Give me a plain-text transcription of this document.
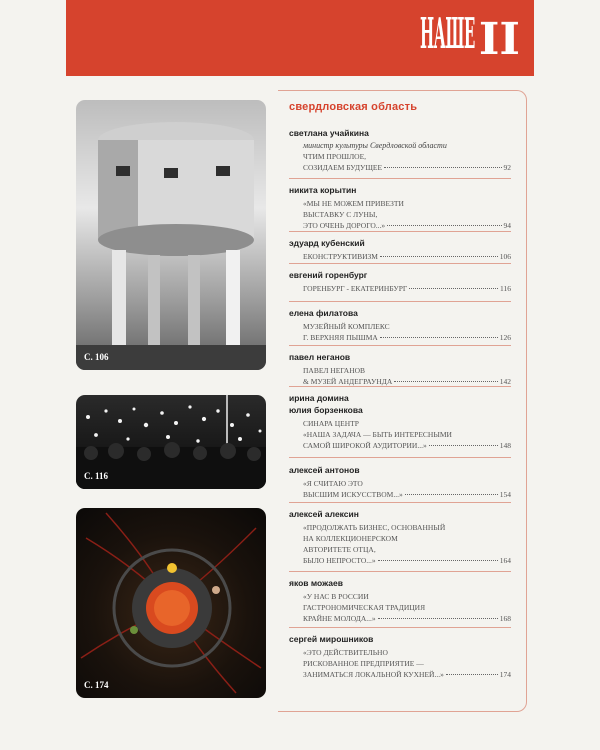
НАШЕ II
С. 106
С. 116
С. 174
свердловская область
светлана учайкина
министр культуры Свердловской области
ЧТИМ ПРОШЛОЕ,
СОЗИДАЕМ БУДУЩЕЕ	92
никита корытин
«МЫ НЕ МОЖЕМ ПРИВЕЗТИ
ВЫСТАВКУ С ЛУНЫ,
ЭТО ОЧЕНЬ ДОРОГО...»	94
эдуард кубенский
ЕКОНСТРУКТИВИЗМ	106
евгений горенбург
ГОРЕНБУРГ - ЕКАТЕРИНБУРГ	116
елена филатова
МУЗЕЙНЫЙ КОМПЛЕКС
Г. ВЕРХНЯЯ ПЫШМА	126
павел неганов
ПАВЕЛ НЕГАНОВ
& МУЗЕЙ АНДЕГРАУНДА	142
ирина домина
юлия борзенкова
СИНАРА ЦЕНТР
«НАША ЗАДАЧА — БЫТЬ ИНТЕРЕСНЫМИ
САМОЙ ШИРОКОЙ АУДИТОРИИ...»	148
алексей антонов
«Я СЧИТАЮ ЭТО
ВЫСШИМ ИСКУССТВОМ...»	154
алексей алексин
«ПРОДОЛЖАТЬ БИЗНЕС, ОСНОВАННЫЙ
НА КОЛЛЕКЦИОНЕРСКОМ
АВТОРИТЕТЕ ОТЦА,
БЫЛО НЕПРОСТО...»	164
яков можаев
«У НАС В РОССИИ
ГАСТРОНОМИЧЕСКАЯ ТРАДИЦИЯ
КРАЙНЕ МОЛОДА...»	168
сергей мирошников
«ЭТО ДЕЙСТВИТЕЛЬНО
РИСКОВАННОЕ ПРЕДПРИЯТИЕ —
ЗАНИМАТЬСЯ ЛОКАЛЬНОЙ КУХНЕЙ...»	174
